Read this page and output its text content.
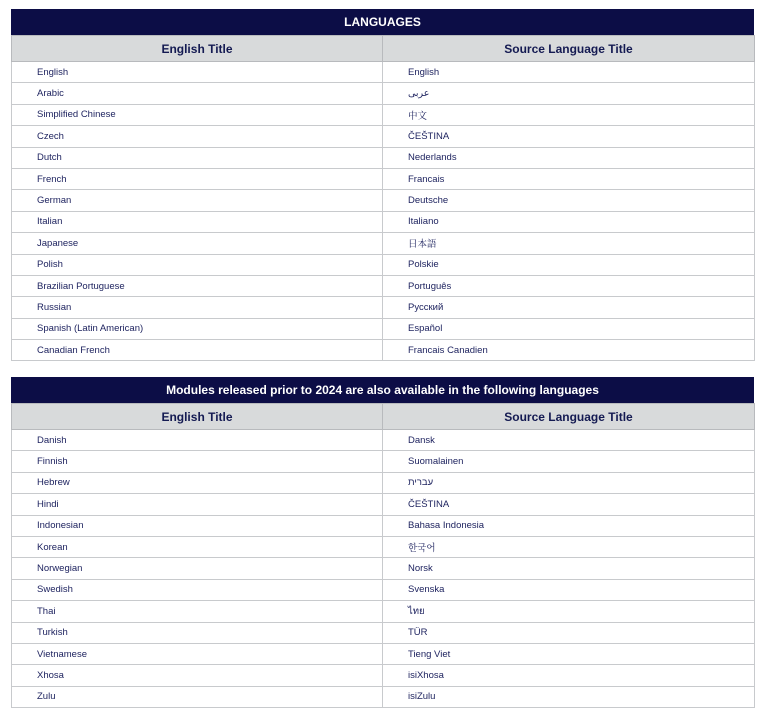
LANGUAGES
English Title	Source Language Title
English	English
Arabic	عربى
Simplified Chinese	中文
Czech	ČEŠTINA
Dutch	Nederlands
French	Francais
German	Deutsche
Italian	Italiano
Japanese	日本語
Polish	Polskie
Brazilian Portuguese	Português
Russian	Русский
Spanish (Latin American)	Español
Canadian French	Francais Canadien
Modules released prior to 2024 are also available in the following languages
English Title	Source Language Title
Danish	Dansk
Finnish	Suomalainen
Hebrew	עברית
Hindi	ČEŠTINA
Indonesian	Bahasa Indonesia
Korean	한국어
Norwegian	Norsk
Swedish	Svenska
Thai	ไทย
Turkish	TÜR
Vietnamese	Tieng Viet
Xhosa	isiXhosa
Zulu	isiZulu
